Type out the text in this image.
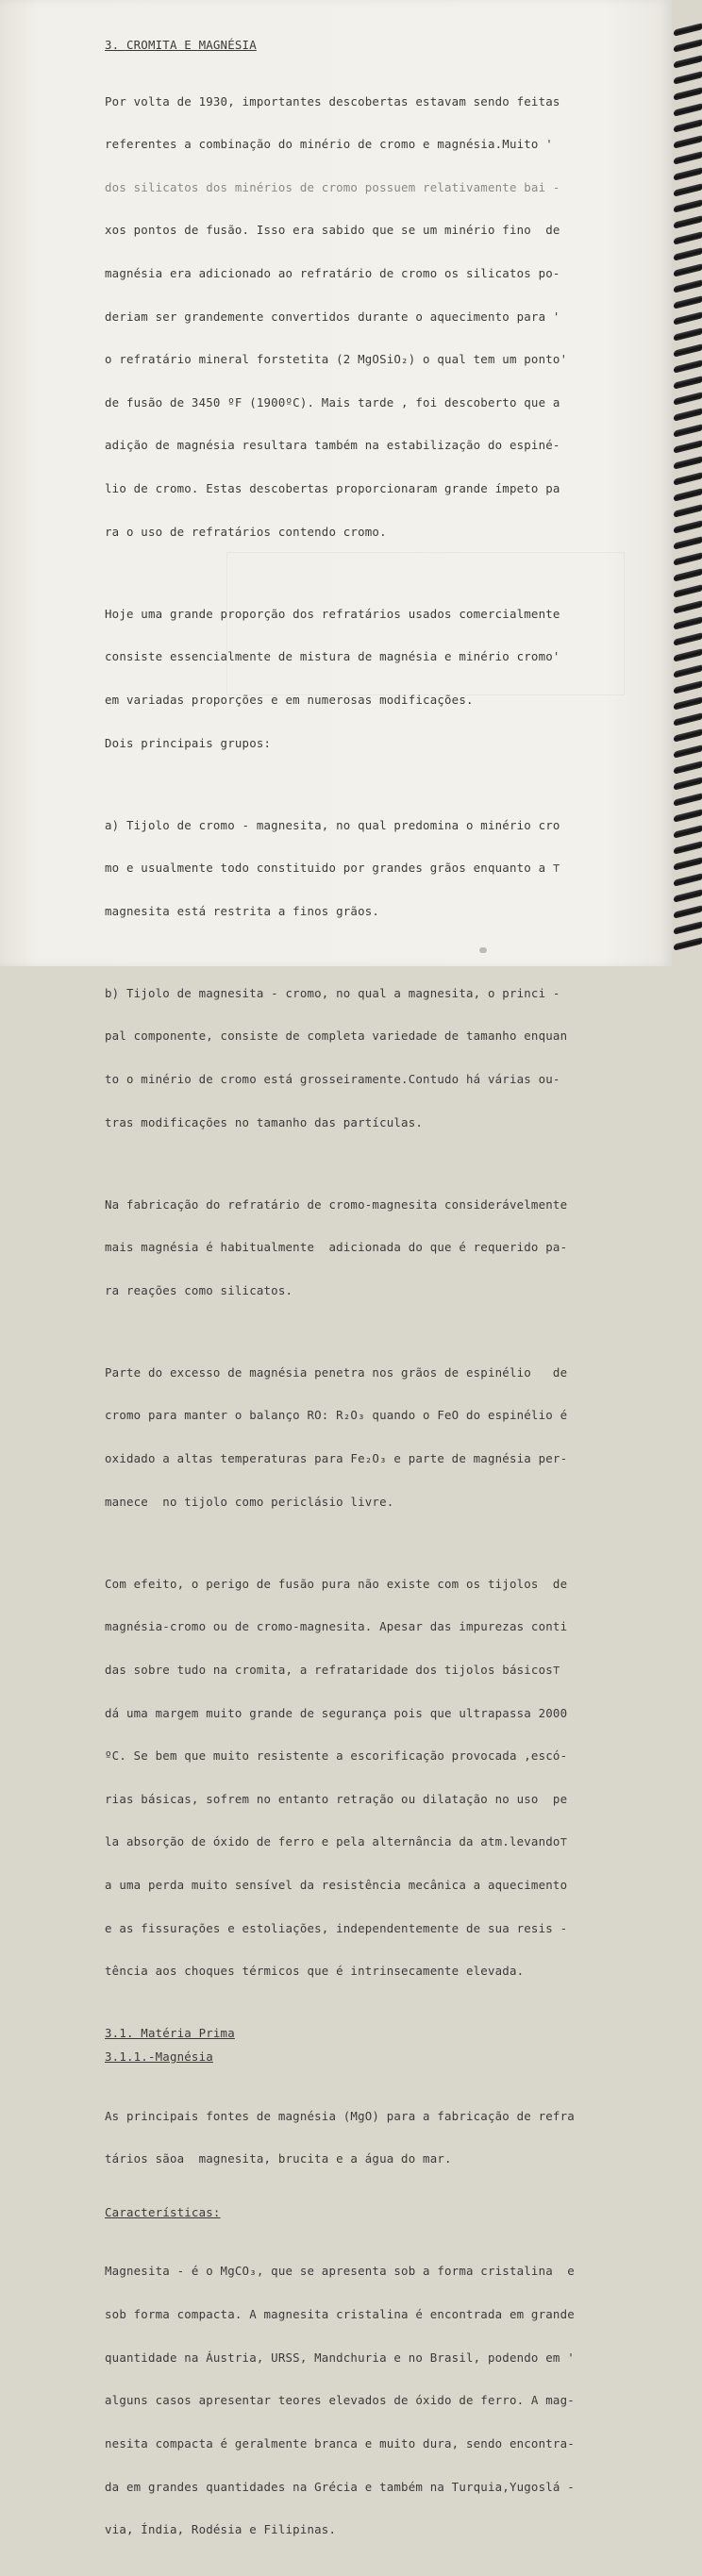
3. CROMITA E MAGNÉSIA

Por volta de 1930, importantes descobertas estavam sendo feitas

referentes a combinação do minério de cromo e magnésia.Muito '

dos silicatos dos minérios de cromo possuem relativamente bai -

xos pontos de fusão. Isso era sabido que se um minério fino  de

magnésia era adicionado ao refratário de cromo os silicatos po-

deriam ser grandemente convertidos durante o aquecimento para '

o refratário mineral forstetita (2 MgOSiO₂) o qual tem um ponto'

de fusão de 3450 ºF (1900ºC). Mais tarde , foi descoberto que a

adição de magnésia resultara também na estabilização do espiné-

lio de cromo. Estas descobertas proporcionaram grande ímpeto pa

ra o uso de refratários contendo cromo.

Hoje uma grande proporção dos refratários usados comercialmente

consiste essencialmente de mistura de magnésia e minério cromo'

em variadas proporções e em numerosas modificações.

Dois principais grupos:

a) Tijolo de cromo - magnesita, no qual predomina o minério cro

mo e usualmente todo constituido por grandes grãos enquanto a ⊤

magnesita está restrita a finos grãos.

b) Tijolo de magnesita - cromo, no qual a magnesita, o princi -

pal componente, consiste de completa variedade de tamanho enquan

to o minério de cromo está grosseiramente.Contudo há várias ou-

tras modificações no tamanho das partículas.

Na fabricação do refratário de cromo-magnesita considerávelmente

mais magnésia é habitualmente  adicionada do que é requerido pa-

ra reações como silicatos.

Parte do excesso de magnésia penetra nos grãos de espinélio   de

cromo para manter o balanço RO: R₂O₃ quando o FeO do espinélio é

oxidado a altas temperaturas para Fe₂O₃ e parte de magnésia per-

manece  no tijolo como periclásio livre.

Com efeito, o perigo de fusão pura não existe com os tijolos  de

magnésia-cromo ou de cromo-magnesita. Apesar das impurezas conti

das sobre tudo na cromita, a refrataridade dos tijolos básicos⊤

dá uma margem muito grande de segurança pois que ultrapassa 2000

ºC. Se bem que muito resistente a escorificação provocada ,escó-

rias básicas, sofrem no entanto retração ou dilatação no uso  pe

la absorção de óxido de ferro e pela alternância da atm.levando⊤

a uma perda muito sensível da resistência mecânica a aquecimento

e as fissurações e estoliações, independentemente de sua resis -

tência aos choques térmicos que é intrinsecamente elevada.

3.1. Matéria Prima
3.1.1.-Magnésia

As principais fontes de magnésia (MgO) para a fabricação de refra

tários sãoa  magnesita, brucita e a água do mar.

Características:

Magnesita - é o MgCO₃, que se apresenta sob a forma cristalina  e

sob forma compacta. A magnesita cristalina é encontrada em grande

quantidade na Áustria, URSS, Mandchuria e no Brasil, podendo em '

alguns casos apresentar teores elevados de óxido de ferro. A mag-

nesita compacta é geralmente branca e muito dura, sendo encontra-

da em grandes quantidades na Grécia e também na Turquia,Yugoslá -

via, Índia, Rodésia e Filipinas.
